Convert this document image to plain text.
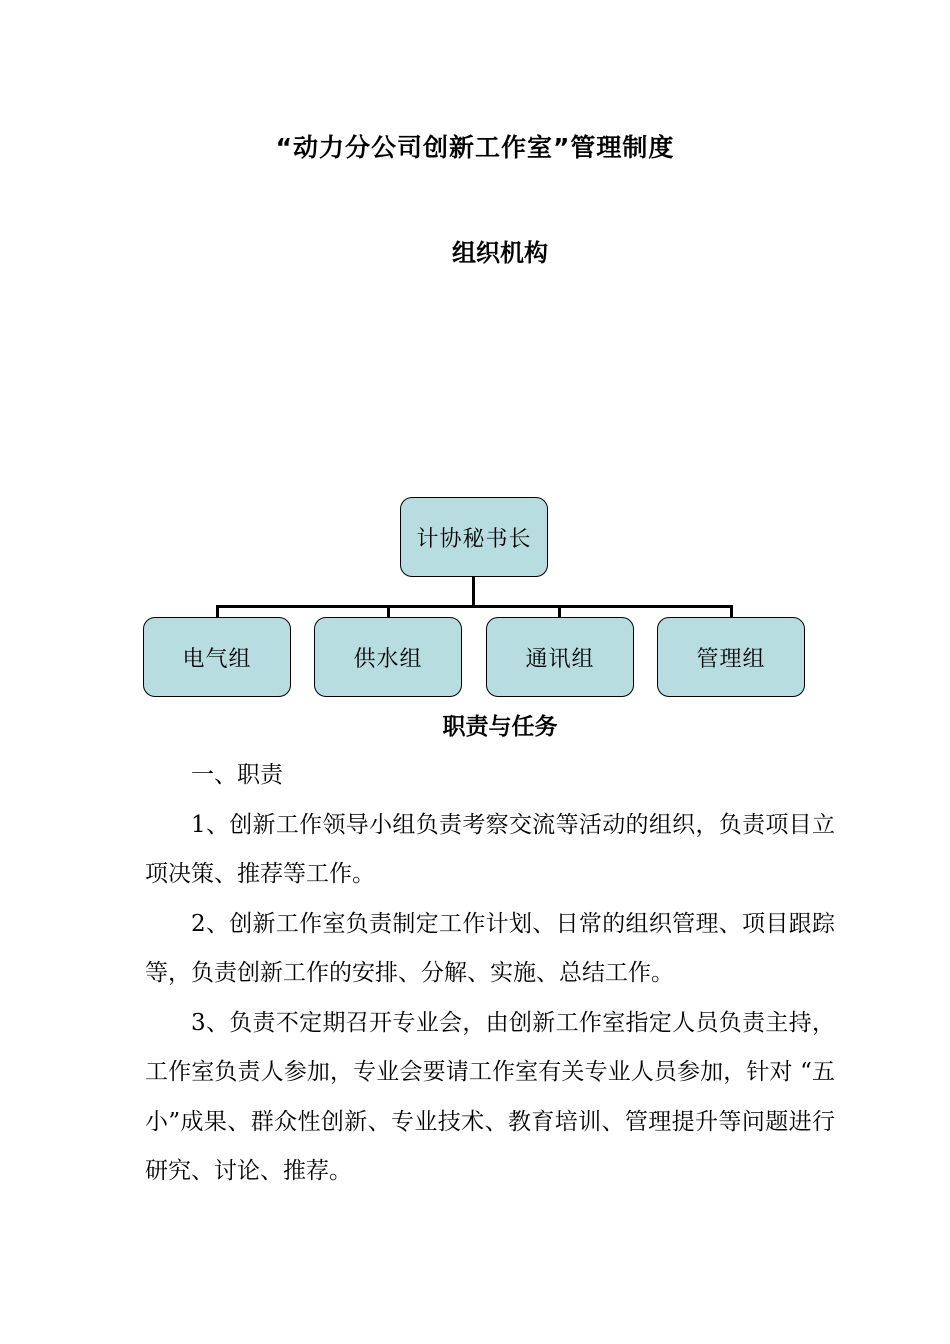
“动力分公司创新工作室”管理制度
组织机构
计协秘书长
电气组	供水组	通讯组	管理组
职责与任务

一、职责

1、创新工作领导小组负责考察交流等活动的组织，负责项目立项决策、推荐等工作。

2、创新工作室负责制定工作计划、日常的组织管理、项目跟踪等，负责创新工作的安排、分解、实施、总结工作。

3、负责不定期召开专业会，由创新工作室指定人员负责主持，工作室负责人参加，专业会要请工作室有关专业人员参加，针对 “五小”成果、群众性创新、专业技术、教育培训、管理提升等问题进行研究、讨论、推荐。
